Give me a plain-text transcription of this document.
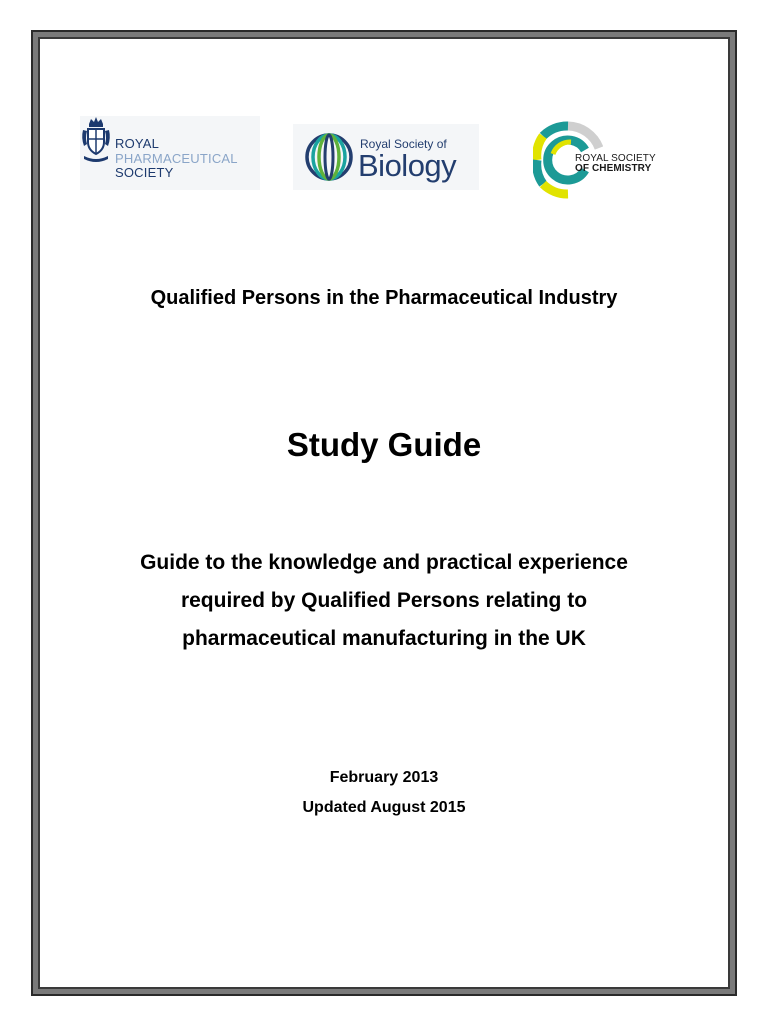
ROYAL
PHARMACEUTICAL
SOCIETY
Royal Society of
Biology	ROYAL SOCIETY
OF CHEMISTRY
Qualified Persons in the Pharmaceutical Industry
Study Guide
Guide to the knowledge and practical experience
required by Qualified Persons relating to
pharmaceutical manufacturing in the UK
February 2013
Updated August 2015
